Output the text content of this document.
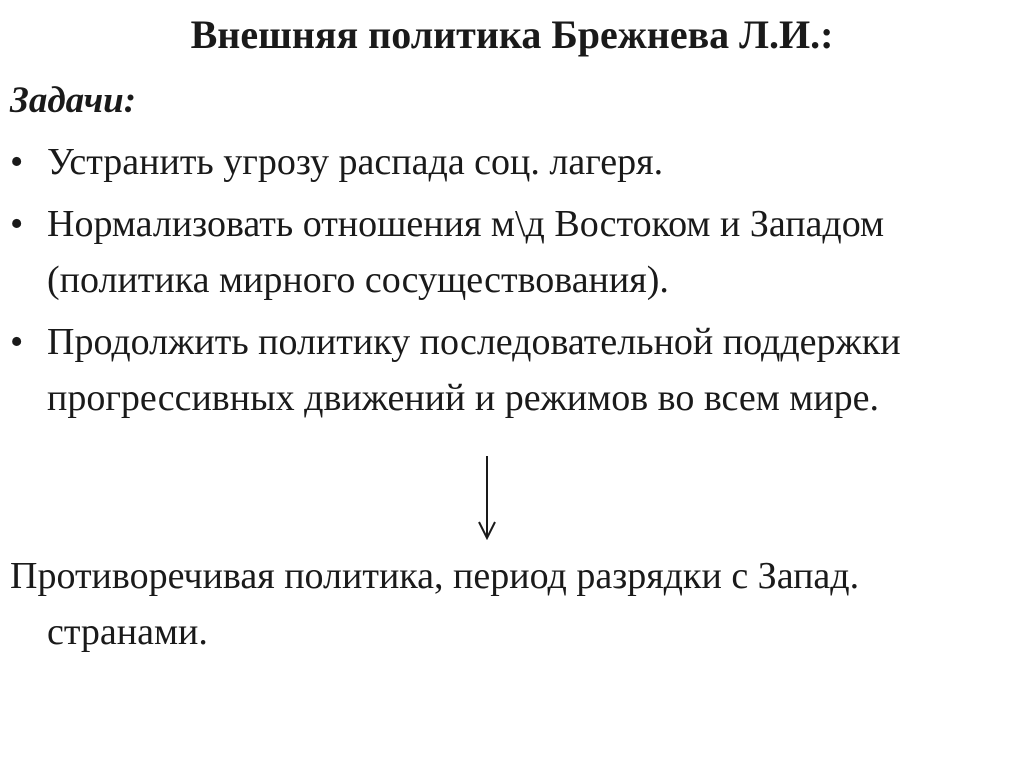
Внешняя политика Брежнева Л.И.:

Задачи:

• Устранить угрозу распада соц. лагеря.
• Нормализовать отношения м\д Востоком и Западом (политика мирного сосуществования).
• Продолжить политику последовательной поддержки прогрессивных движений и режимов во всем мире.

Противоречивая политика, период разрядки с Запад.
странами.
